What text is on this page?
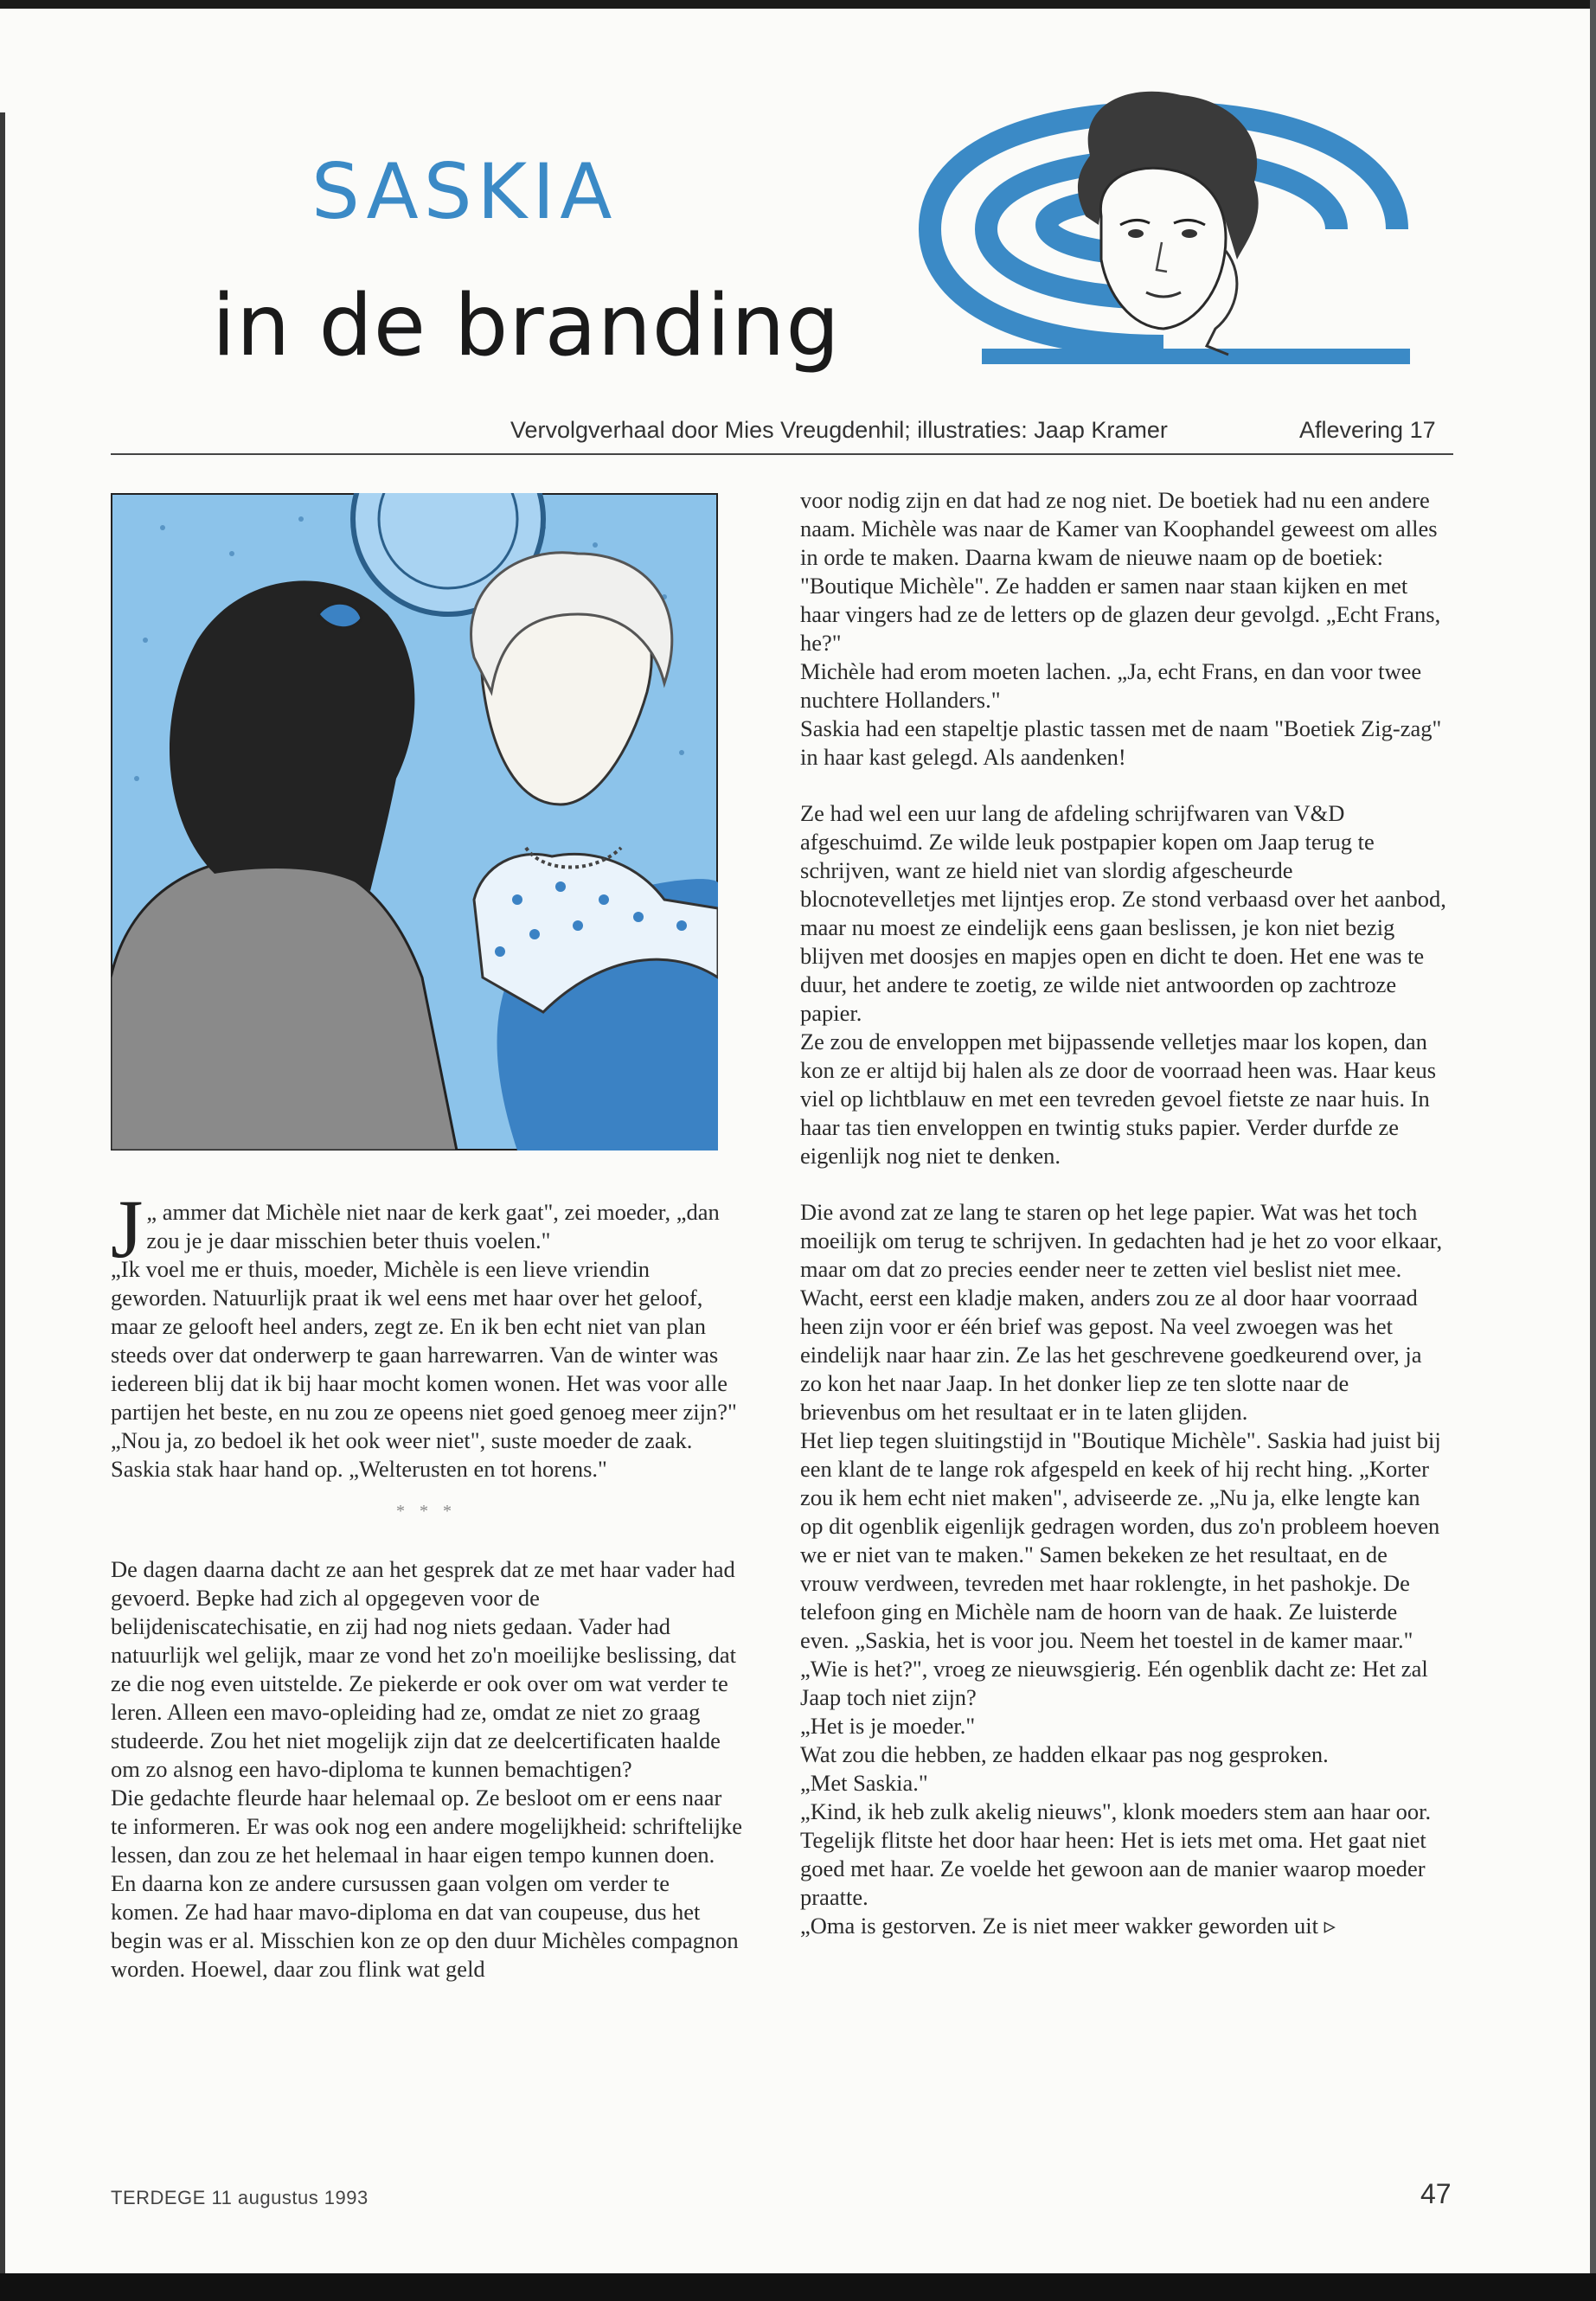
SASKIA
in de branding
Vervolgverhaal door Mies Vreugdenhil; illustraties: Jaap Kramer	Aflevering 17

J „ ammer dat Michèle niet naar de kerk gaat", zei moeder, „dan zou je je daar misschien beter thuis voelen."

„Ik voel me er thuis, moeder, Michèle is een lieve vriendin geworden. Natuurlijk praat ik wel eens met haar over het geloof, maar ze gelooft heel anders, zegt ze. En ik ben echt niet van plan steeds over dat onderwerp te gaan harrewarren. Van de winter was iedereen blij dat ik bij haar mocht komen wonen. Het was voor alle partijen het beste, en nu zou ze opeens niet goed genoeg meer zijn?"

„Nou ja, zo bedoel ik het ook weer niet", suste moeder de zaak. Saskia stak haar hand op. „Welterusten en tot horens."

* * *

De dagen daarna dacht ze aan het gesprek dat ze met haar vader had gevoerd. Bepke had zich al opgegeven voor de belijdeniscatechisatie, en zij had nog niets gedaan. Vader had natuurlijk wel gelijk, maar ze vond het zo'n moeilijke beslissing, dat ze die nog even uitstelde. Ze piekerde er ook over om wat verder te leren. Alleen een mavo-opleiding had ze, omdat ze niet zo graag studeerde. Zou het niet mogelijk zijn dat ze deelcertificaten haalde om zo alsnog een havo-diploma te kunnen bemachtigen?

Die gedachte fleurde haar helemaal op. Ze besloot om er eens naar te informeren. Er was ook nog een andere mogelijkheid: schriftelijke lessen, dan zou ze het helemaal in haar eigen tempo kunnen doen. En daarna kon ze andere cursussen gaan volgen om verder te komen. Ze had haar mavo-diploma en dat van coupeuse, dus het begin was er al. Misschien kon ze op den duur Michèles compagnon worden. Hoewel, daar zou flink wat geld

voor nodig zijn en dat had ze nog niet. De boetiek had nu een andere naam. Michèle was naar de Kamer van Koophandel geweest om alles in orde te maken. Daarna kwam de nieuwe naam op de boetiek: "Boutique Michèle". Ze hadden er samen naar staan kijken en met haar vingers had ze de letters op de glazen deur gevolgd. „Echt Frans, he?"

Michèle had erom moeten lachen. „Ja, echt Frans, en dan voor twee nuchtere Hollanders."

Saskia had een stapeltje plastic tassen met de naam "Boetiek Zig-zag" in haar kast gelegd. Als aandenken!

Ze had wel een uur lang de afdeling schrijfwaren van V&D afgeschuimd. Ze wilde leuk postpapier kopen om Jaap terug te schrijven, want ze hield niet van slordig afgescheurde blocnotevelletjes met lijntjes erop. Ze stond verbaasd over het aanbod, maar nu moest ze eindelijk eens gaan beslissen, je kon niet bezig blijven met doosjes en mapjes open en dicht te doen. Het ene was te duur, het andere te zoetig, ze wilde niet antwoorden op zachtroze papier.

Ze zou de enveloppen met bijpassende velletjes maar los kopen, dan kon ze er altijd bij halen als ze door de voorraad heen was. Haar keus viel op lichtblauw en met een tevreden gevoel fietste ze naar huis. In haar tas tien enveloppen en twintig stuks papier. Verder durfde ze eigenlijk nog niet te denken.

Die avond zat ze lang te staren op het lege papier. Wat was het toch moeilijk om terug te schrijven. In gedachten had je het zo voor elkaar, maar om dat zo precies eender neer te zetten viel beslist niet mee. Wacht, eerst een kladje maken, anders zou ze al door haar voorraad heen zijn voor er één brief was gepost. Na veel zwoegen was het eindelijk naar haar zin. Ze las het geschrevene goedkeurend over, ja zo kon het naar Jaap. In het donker liep ze ten slotte naar de brievenbus om het resultaat er in te laten glijden.

Het liep tegen sluitingstijd in "Boutique Michèle". Saskia had juist bij een klant de te lange rok afgespeld en keek of hij recht hing. „Korter zou ik hem echt niet maken", adviseerde ze. „Nu ja, elke lengte kan op dit ogenblik eigenlijk gedragen worden, dus zo'n probleem hoeven we er niet van te maken." Samen bekeken ze het resultaat, en de vrouw verdween, tevreden met haar roklengte, in het pashokje. De telefoon ging en Michèle nam de hoorn van de haak. Ze luisterde even. „Saskia, het is voor jou. Neem het toestel in de kamer maar."

„Wie is het?", vroeg ze nieuwsgierig. Eén ogenblik dacht ze: Het zal Jaap toch niet zijn?

„Het is je moeder."

Wat zou die hebben, ze hadden elkaar pas nog gesproken.

„Met Saskia."

„Kind, ik heb zulk akelig nieuws", klonk moeders stem aan haar oor. Tegelijk flitste het door haar heen: Het is iets met oma. Het gaat niet goed met haar. Ze voelde het gewoon aan de manier waarop moeder praatte.

„Oma is gestorven. Ze is niet meer wakker geworden uit ▹

TERDEGE 11 augustus 1993	47
